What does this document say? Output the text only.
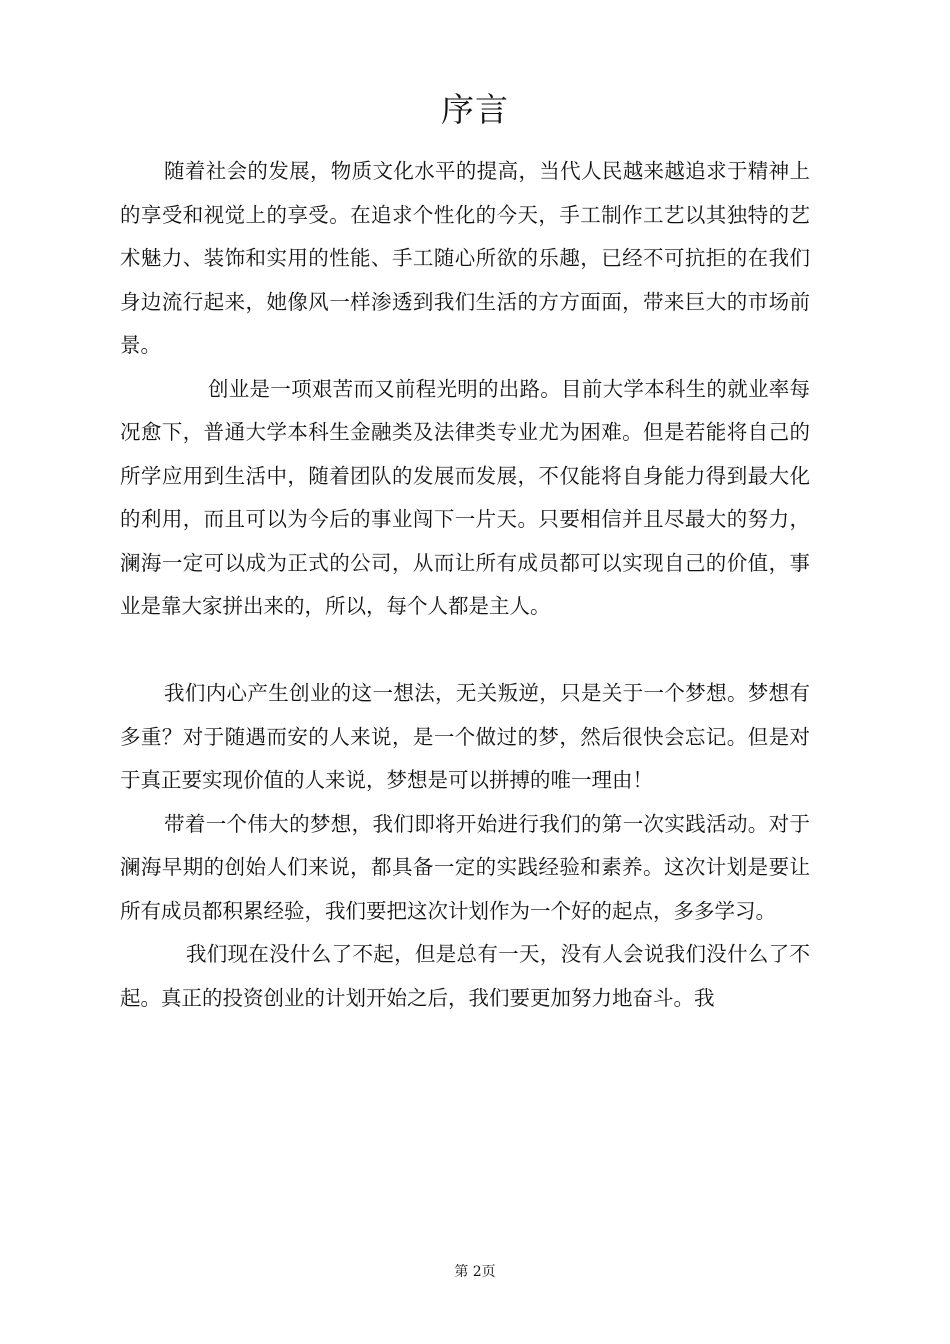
序言

随着社会的发展，物质文化水平的提高，当代人民越来越追求于精神上的享受和视觉上的享受。在追求个性化的今天，手工制作工艺以其独特的艺术魅力、装饰和实用的性能、手工随心所欲的乐趣，已经不可抗拒的在我们身边流行起来，她像风一样渗透到我们生活的方方面面，带来巨大的市场前景。

创业是一项艰苦而又前程光明的出路。目前大学本科生的就业率每况愈下，普通大学本科生金融类及法律类专业尤为困难。但是若能将自己的所学应用到生活中，随着团队的发展而发展，不仅能将自身能力得到最大化的利用，而且可以为今后的事业闯下一片天。只要相信并且尽最大的努力，澜海一定可以成为正式的公司，从而让所有成员都可以实现自己的价值，事业是靠大家拼出来的，所以，每个人都是主人。

我们内心产生创业的这一想法，无关叛逆，只是关于一个梦想。梦想有多重？对于随遇而安的人来说，是一个做过的梦，然后很快会忘记。但是对于真正要实现价值的人来说，梦想是可以拼搏的唯一理由！

带着一个伟大的梦想，我们即将开始进行我们的第一次实践活动。对于澜海早期的创始人们来说，都具备一定的实践经验和素养。这次计划是要让所有成员都积累经验，我们要把这次计划作为一个好的起点，多多学习。

我们现在没什么了不起，但是总有一天，没有人会说我们没什么了不起。真正的投资创业的计划开始之后，我们要更加努力地奋斗。我

第 2页
